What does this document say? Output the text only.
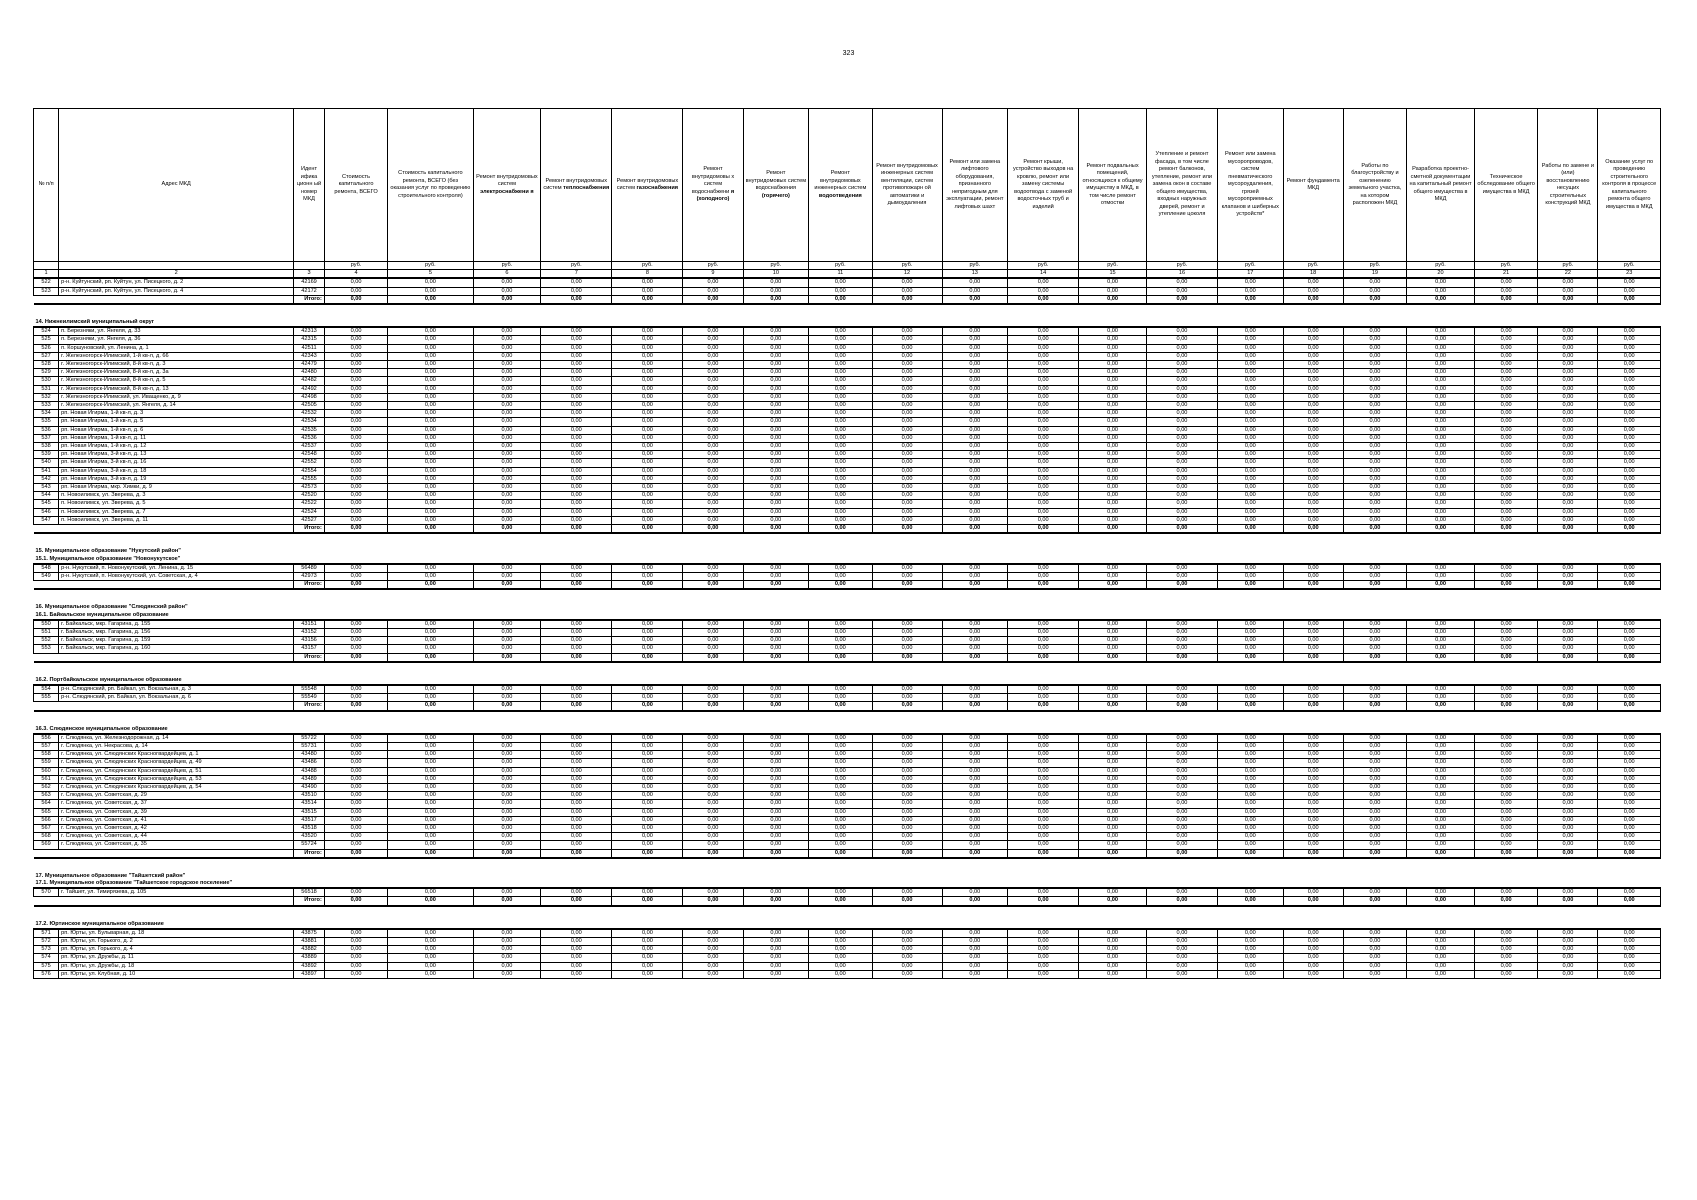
323
№ п/п	Адрес МКД	Идент ифика ционн ый номер МКД	Стоимость капитального ремонта, ВСЕГО	Стоимость капитального ремонта, ВСЕГО (без оказания услуг по проведению строительного контроля)	Ремонт внутридомовых систем электроснабжени я	Ремонт внутридомовых систем теплоснабжения	Ремонт внутридомовых систем газоснабжения	Ремонт внутридомовы х систем водоснабжени я (холодного)	Ремонт внутридомовых систем водоснабжения (горячего)	Ремонт внутридомовых инженерных систем водоотведения	Ремонт внутридомовых инженерных систем вентиляции, систем противопожарн ой автоматики и дымоудаления	Ремонт или замена лифтового оборудования, признанного непригодным для эксплуатации, ремонт лифтовых шахт	Ремонт крыши, устройство выходов на кровлю, ремонт или замену системы водоотвода с заменой водосточных труб и изделий	Ремонт подвальных помещений, относящихся к общему имуществу в МКД, в том числе ремонт отмостки	Утепление и ремонт фасада, в том числе ремонт балконов, утепление, ремонт или замена окон в составе общего имущества, входных наружных дверей, ремонт и утепление цоколя	Ремонт или замена мусоропроводов, систем пневматического мусороудаления, грязей мусороприемных клапанов и шиберных устройств*	Ремонт фундамента МКД	Работы по благоустройству и озеленению земельного участка, на котором расположен МКД	Разработка проектно-сметной документации на капитальный ремонт общего имущества в МКД	Техническое обследование общего имущества в МКД	Работы по замене и (или) восстановлению несущих строительных конструкций МКД	Оказание услуг по проведению строительного контроля в процессе капитального ремонта общего имущества в МКД
			руб.	руб.	руб.	руб.	руб.	руб.	руб.	руб.	руб.	руб.	руб.	руб.	руб.	руб.	руб.	руб.	руб.	руб.	руб.	руб.
1	2	3	4	5	6	7	8	9	10	11	12	13	14	15	16	17	18	19	20	21	22	23
522	р-н. Куйтунский, рп. Куйтун, ул. Писецкого, д. 2	42169	0,00	0,00	0,00	0,00	0,00	0,00	0,00	0,00	0,00	0,00	0,00	0,00	0,00	0,00	0,00	0,00	0,00	0,00	0,00	0,00
523	р-н. Куйтунский, рп. Куйтун, ул. Писецкого, д. 4	42172	0,00	0,00	0,00	0,00	0,00	0,00	0,00	0,00	0,00	0,00	0,00	0,00	0,00	0,00	0,00	0,00	0,00	0,00	0,00	0,00
		Итого:	0,00	0,00	0,00	0,00	0,00	0,00	0,00	0,00	0,00	0,00	0,00	0,00	0,00	0,00	0,00	0,00	0,00	0,00	0,00	0,00

14. Нижнеилимский муниципальный округ																						
524	п. Березняки, ул. Янгеля, д. 33	42313	0,00	0,00	0,00	0,00	0,00	0,00	0,00	0,00	0,00	0,00	0,00	0,00	0,00	0,00	0,00	0,00	0,00	0,00	0,00	0,00
525	п. Березняки, ул. Янгеля, д. 36	42315	0,00	0,00	0,00	0,00	0,00	0,00	0,00	0,00	0,00	0,00	0,00	0,00	0,00	0,00	0,00	0,00	0,00	0,00	0,00	0,00
526	п. Коршуновский, ул. Ленина, д. 1	42511	0,00	0,00	0,00	0,00	0,00	0,00	0,00	0,00	0,00	0,00	0,00	0,00	0,00	0,00	0,00	0,00	0,00	0,00	0,00	0,00
527	г. Железногорск-Илимский, 1-й кв-л, д. 66	42343	0,00	0,00	0,00	0,00	0,00	0,00	0,00	0,00	0,00	0,00	0,00	0,00	0,00	0,00	0,00	0,00	0,00	0,00	0,00	0,00
528	г. Железногорск-Илимский, 8-й кв-л, д. 3	42479	0,00	0,00	0,00	0,00	0,00	0,00	0,00	0,00	0,00	0,00	0,00	0,00	0,00	0,00	0,00	0,00	0,00	0,00	0,00	0,00
529	г. Железногорск-Илимский, 8-й кв-л, д. 3а	42480	0,00	0,00	0,00	0,00	0,00	0,00	0,00	0,00	0,00	0,00	0,00	0,00	0,00	0,00	0,00	0,00	0,00	0,00	0,00	0,00
530	г. Железногорск-Илимский, 8-й кв-л, д. 5	42482	0,00	0,00	0,00	0,00	0,00	0,00	0,00	0,00	0,00	0,00	0,00	0,00	0,00	0,00	0,00	0,00	0,00	0,00	0,00	0,00
531	г. Железногорск-Илимский, 8-й кв-л, д. 13	42492	0,00	0,00	0,00	0,00	0,00	0,00	0,00	0,00	0,00	0,00	0,00	0,00	0,00	0,00	0,00	0,00	0,00	0,00	0,00	0,00
532	г. Железногорск-Илимский, ул. Иващенко, д. 9	42498	0,00	0,00	0,00	0,00	0,00	0,00	0,00	0,00	0,00	0,00	0,00	0,00	0,00	0,00	0,00	0,00	0,00	0,00	0,00	0,00
533	г. Железногорск-Илимский, ул. Янгеля, д. 14	42505	0,00	0,00	0,00	0,00	0,00	0,00	0,00	0,00	0,00	0,00	0,00	0,00	0,00	0,00	0,00	0,00	0,00	0,00	0,00	0,00
534	рп. Новая Игирма, 1-й кв-л, д. 3	42532	0,00	0,00	0,00	0,00	0,00	0,00	0,00	0,00	0,00	0,00	0,00	0,00	0,00	0,00	0,00	0,00	0,00	0,00	0,00	0,00
535	рп. Новая Игирма, 1-й кв-л, д. 5	42534	0,00	0,00	0,00	0,00	0,00	0,00	0,00	0,00	0,00	0,00	0,00	0,00	0,00	0,00	0,00	0,00	0,00	0,00	0,00	0,00
536	рп. Новая Игирма, 1-й кв-л, д. 6	42535	0,00	0,00	0,00	0,00	0,00	0,00	0,00	0,00	0,00	0,00	0,00	0,00	0,00	0,00	0,00	0,00	0,00	0,00	0,00	0,00
537	рп. Новая Игирма, 1-й кв-л, д. 11	42536	0,00	0,00	0,00	0,00	0,00	0,00	0,00	0,00	0,00	0,00	0,00	0,00	0,00	0,00	0,00	0,00	0,00	0,00	0,00	0,00
538	рп. Новая Игирма, 1-й кв-л, д. 12	42537	0,00	0,00	0,00	0,00	0,00	0,00	0,00	0,00	0,00	0,00	0,00	0,00	0,00	0,00	0,00	0,00	0,00	0,00	0,00	0,00
539	рп. Новая Игирма, 3-й кв-л, д. 13	42548	0,00	0,00	0,00	0,00	0,00	0,00	0,00	0,00	0,00	0,00	0,00	0,00	0,00	0,00	0,00	0,00	0,00	0,00	0,00	0,00
540	рп. Новая Игирма, 3-й кв-л, д. 16	42552	0,00	0,00	0,00	0,00	0,00	0,00	0,00	0,00	0,00	0,00	0,00	0,00	0,00	0,00	0,00	0,00	0,00	0,00	0,00	0,00
541	рп. Новая Игирма, 3-й кв-л, д. 18	42554	0,00	0,00	0,00	0,00	0,00	0,00	0,00	0,00	0,00	0,00	0,00	0,00	0,00	0,00	0,00	0,00	0,00	0,00	0,00	0,00
542	рп. Новая Игирма, 3-й кв-л, д. 19	42555	0,00	0,00	0,00	0,00	0,00	0,00	0,00	0,00	0,00	0,00	0,00	0,00	0,00	0,00	0,00	0,00	0,00	0,00	0,00	0,00
543	рп. Новая Игирма, мкр. Химки, д. 9	42573	0,00	0,00	0,00	0,00	0,00	0,00	0,00	0,00	0,00	0,00	0,00	0,00	0,00	0,00	0,00	0,00	0,00	0,00	0,00	0,00
544	п. Новоилимск, ул. Зверева, д. 3	42520	0,00	0,00	0,00	0,00	0,00	0,00	0,00	0,00	0,00	0,00	0,00	0,00	0,00	0,00	0,00	0,00	0,00	0,00	0,00	0,00
545	п. Новоилимск, ул. Зверева, д. 5	42522	0,00	0,00	0,00	0,00	0,00	0,00	0,00	0,00	0,00	0,00	0,00	0,00	0,00	0,00	0,00	0,00	0,00	0,00	0,00	0,00
546	п. Новоилимск, ул. Зверева, д. 7	42524	0,00	0,00	0,00	0,00	0,00	0,00	0,00	0,00	0,00	0,00	0,00	0,00	0,00	0,00	0,00	0,00	0,00	0,00	0,00	0,00
547	п. Новоилимск, ул. Зверева, д. 11	42527	0,00	0,00	0,00	0,00	0,00	0,00	0,00	0,00	0,00	0,00	0,00	0,00	0,00	0,00	0,00	0,00	0,00	0,00	0,00	0,00
		Итого:	0,00	0,00	0,00	0,00	0,00	0,00	0,00	0,00	0,00	0,00	0,00	0,00	0,00	0,00	0,00	0,00	0,00	0,00	0,00	0,00

15. Муниципальное образование "Нукутский район"																						
15.1. Муниципальное образование "Новонукутское"																						
548	р-н. Нукутский, п. Новонукутский, ул. Ленина, д. 15	56489	0,00	0,00	0,00	0,00	0,00	0,00	0,00	0,00	0,00	0,00	0,00	0,00	0,00	0,00	0,00	0,00	0,00	0,00	0,00	0,00
549	р-н. Нукутский, п. Новонукутский, ул. Советская, д. 4	42973	0,00	0,00	0,00	0,00	0,00	0,00	0,00	0,00	0,00	0,00	0,00	0,00	0,00	0,00	0,00	0,00	0,00	0,00	0,00	0,00
		Итого:	0,00	0,00	0,00	0,00	0,00	0,00	0,00	0,00	0,00	0,00	0,00	0,00	0,00	0,00	0,00	0,00	0,00	0,00	0,00	0,00

16. Муниципальное образование "Слюдянский район"																						
16.1. Байкальское муниципальное образование																						
550	г. Байкальск, мкр. Гагарина, д. 155	43151	0,00	0,00	0,00	0,00	0,00	0,00	0,00	0,00	0,00	0,00	0,00	0,00	0,00	0,00	0,00	0,00	0,00	0,00	0,00	0,00
551	г. Байкальск, мкр. Гагарина, д. 156	43152	0,00	0,00	0,00	0,00	0,00	0,00	0,00	0,00	0,00	0,00	0,00	0,00	0,00	0,00	0,00	0,00	0,00	0,00	0,00	0,00
552	г. Байкальск, мкр. Гагарина, д. 159	43156	0,00	0,00	0,00	0,00	0,00	0,00	0,00	0,00	0,00	0,00	0,00	0,00	0,00	0,00	0,00	0,00	0,00	0,00	0,00	0,00
553	г. Байкальск, мкр. Гагарина, д. 160	43157	0,00	0,00	0,00	0,00	0,00	0,00	0,00	0,00	0,00	0,00	0,00	0,00	0,00	0,00	0,00	0,00	0,00	0,00	0,00	0,00
		Итого:	0,00	0,00	0,00	0,00	0,00	0,00	0,00	0,00	0,00	0,00	0,00	0,00	0,00	0,00	0,00	0,00	0,00	0,00	0,00	0,00

16.2. Портбайкальское муниципальное образование																						
554	р-н. Слюдянский, рп. Байкал, ул. Вокзальная, д. 3	55548	0,00	0,00	0,00	0,00	0,00	0,00	0,00	0,00	0,00	0,00	0,00	0,00	0,00	0,00	0,00	0,00	0,00	0,00	0,00	0,00
555	р-н. Слюдянский, рп. Байкал, ул. Вокзальная, д. 6	55549	0,00	0,00	0,00	0,00	0,00	0,00	0,00	0,00	0,00	0,00	0,00	0,00	0,00	0,00	0,00	0,00	0,00	0,00	0,00	0,00
		Итого:	0,00	0,00	0,00	0,00	0,00	0,00	0,00	0,00	0,00	0,00	0,00	0,00	0,00	0,00	0,00	0,00	0,00	0,00	0,00	0,00

16.3. Слюдянское муниципальное образование																						
556	г. Слюдянка, ул. Железнодорожная, д. 14	55722	0,00	0,00	0,00	0,00	0,00	0,00	0,00	0,00	0,00	0,00	0,00	0,00	0,00	0,00	0,00	0,00	0,00	0,00	0,00	0,00
557	г. Слюдянка, ул. Некрасова, д. 14	55731	0,00	0,00	0,00	0,00	0,00	0,00	0,00	0,00	0,00	0,00	0,00	0,00	0,00	0,00	0,00	0,00	0,00	0,00	0,00	0,00
558	г. Слюдянка, ул. Слюдянских Красногвардейцев, д. 1	43480	0,00	0,00	0,00	0,00	0,00	0,00	0,00	0,00	0,00	0,00	0,00	0,00	0,00	0,00	0,00	0,00	0,00	0,00	0,00	0,00
559	г. Слюдянка, ул. Слюдянских Красногвардейцев, д. 49	43486	0,00	0,00	0,00	0,00	0,00	0,00	0,00	0,00	0,00	0,00	0,00	0,00	0,00	0,00	0,00	0,00	0,00	0,00	0,00	0,00
560	г. Слюдянка, ул. Слюдянских Красногвардейцев, д. 51	43488	0,00	0,00	0,00	0,00	0,00	0,00	0,00	0,00	0,00	0,00	0,00	0,00	0,00	0,00	0,00	0,00	0,00	0,00	0,00	0,00
561	г. Слюдянка, ул. Слюдянских Красногвардейцев, д. 53	43489	0,00	0,00	0,00	0,00	0,00	0,00	0,00	0,00	0,00	0,00	0,00	0,00	0,00	0,00	0,00	0,00	0,00	0,00	0,00	0,00
562	г. Слюдянка, ул. Слюдянских Красногвардейцев, д. 54	43490	0,00	0,00	0,00	0,00	0,00	0,00	0,00	0,00	0,00	0,00	0,00	0,00	0,00	0,00	0,00	0,00	0,00	0,00	0,00	0,00
563	г. Слюдянка, ул. Советская, д. 29	43510	0,00	0,00	0,00	0,00	0,00	0,00	0,00	0,00	0,00	0,00	0,00	0,00	0,00	0,00	0,00	0,00	0,00	0,00	0,00	0,00
564	г. Слюдянка, ул. Советская, д. 37	43514	0,00	0,00	0,00	0,00	0,00	0,00	0,00	0,00	0,00	0,00	0,00	0,00	0,00	0,00	0,00	0,00	0,00	0,00	0,00	0,00
565	г. Слюдянка, ул. Советская, д. 39	43515	0,00	0,00	0,00	0,00	0,00	0,00	0,00	0,00	0,00	0,00	0,00	0,00	0,00	0,00	0,00	0,00	0,00	0,00	0,00	0,00
566	г. Слюдянка, ул. Советская, д. 41	43517	0,00	0,00	0,00	0,00	0,00	0,00	0,00	0,00	0,00	0,00	0,00	0,00	0,00	0,00	0,00	0,00	0,00	0,00	0,00	0,00
567	г. Слюдянка, ул. Советская, д. 42	43518	0,00	0,00	0,00	0,00	0,00	0,00	0,00	0,00	0,00	0,00	0,00	0,00	0,00	0,00	0,00	0,00	0,00	0,00	0,00	0,00
568	г. Слюдянка, ул. Советская, д. 44	43520	0,00	0,00	0,00	0,00	0,00	0,00	0,00	0,00	0,00	0,00	0,00	0,00	0,00	0,00	0,00	0,00	0,00	0,00	0,00	0,00
569	г. Слюдянка, ул. Советская, д. 35	55724	0,00	0,00	0,00	0,00	0,00	0,00	0,00	0,00	0,00	0,00	0,00	0,00	0,00	0,00	0,00	0,00	0,00	0,00	0,00	0,00
		Итого:	0,00	0,00	0,00	0,00	0,00	0,00	0,00	0,00	0,00	0,00	0,00	0,00	0,00	0,00	0,00	0,00	0,00	0,00	0,00	0,00

17. Муниципальное образование "Тайшетский район"																						
17.1. Муниципальное образование "Тайшетское городское поселение"																						
570	г. Тайшет, ул. Тимирязева, д. 105	56518	0,00	0,00	0,00	0,00	0,00	0,00	0,00	0,00	0,00	0,00	0,00	0,00	0,00	0,00	0,00	0,00	0,00	0,00	0,00	0,00
		Итого:	0,00	0,00	0,00	0,00	0,00	0,00	0,00	0,00	0,00	0,00	0,00	0,00	0,00	0,00	0,00	0,00	0,00	0,00	0,00	0,00

17.2. Юртинское муниципальное образование																						
571	рп. Юрты, ул. Бульварная, д. 18	43875	0,00	0,00	0,00	0,00	0,00	0,00	0,00	0,00	0,00	0,00	0,00	0,00	0,00	0,00	0,00	0,00	0,00	0,00	0,00	0,00
572	рп. Юрты, ул. Горького, д. 2	43881	0,00	0,00	0,00	0,00	0,00	0,00	0,00	0,00	0,00	0,00	0,00	0,00	0,00	0,00	0,00	0,00	0,00	0,00	0,00	0,00
573	рп. Юрты, ул. Горького, д. 4	43882	0,00	0,00	0,00	0,00	0,00	0,00	0,00	0,00	0,00	0,00	0,00	0,00	0,00	0,00	0,00	0,00	0,00	0,00	0,00	0,00
574	рп. Юрты, ул. Дружбы, д. 11	43889	0,00	0,00	0,00	0,00	0,00	0,00	0,00	0,00	0,00	0,00	0,00	0,00	0,00	0,00	0,00	0,00	0,00	0,00	0,00	0,00
575	рп. Юрты, ул. Дружбы, д. 18	43892	0,00	0,00	0,00	0,00	0,00	0,00	0,00	0,00	0,00	0,00	0,00	0,00	0,00	0,00	0,00	0,00	0,00	0,00	0,00	0,00
576	рп. Юрты, ул. Клубная, д. 10	43897	0,00	0,00	0,00	0,00	0,00	0,00	0,00	0,00	0,00	0,00	0,00	0,00	0,00	0,00	0,00	0,00	0,00	0,00	0,00	0,00
